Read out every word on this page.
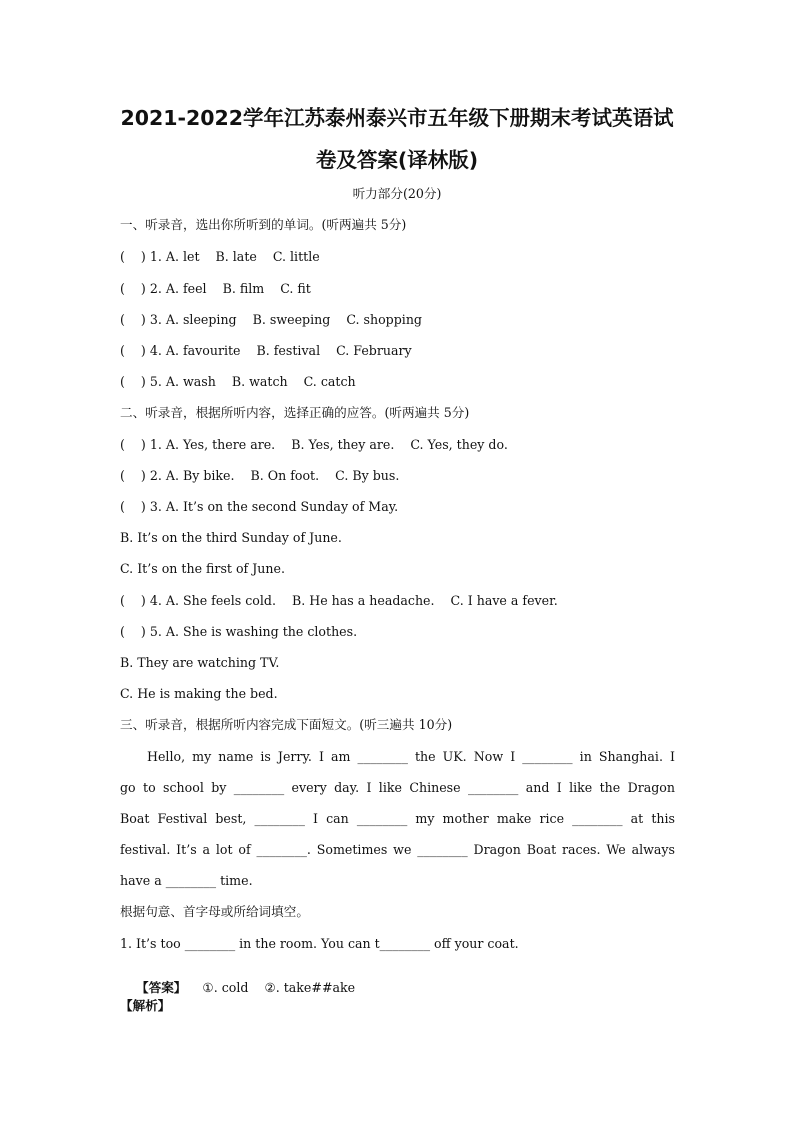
2021-2022学年江苏泰州泰兴市五年级下册期末考试英语试
卷及答案(译林版)
听力部分(20分)
一、听录音，选出你所听到的单词。(听两遍共 5分)
(    ) 1. A. let    B. late    C. little
(    ) 2. A. feel    B. film    C. fit
(    ) 3. A. sleeping    B. sweeping    C. shopping
(    ) 4. A. favourite    B. festival    C. February
(    ) 5. A. wash    B. watch    C. catch
二、听录音，根据所听内容，选择正确的应答。(听两遍共 5分)
(    ) 1. A. Yes, there are.    B. Yes, they are.    C. Yes, they do.
(    ) 2. A. By bike.    B. On foot.    C. By bus.
(    ) 3. A. It’s on the second Sunday of May.
B. It’s on the third Sunday of June.
C. It’s on the first of June.
(    ) 4. A. She feels cold.    B. He has a headache.    C. I have a fever.
(    ) 5. A. She is washing the clothes.
B. They are watching TV.
C. He is making the bed.
三、听录音，根据所听内容完成下面短文。(听三遍共 10分)
Hello, my name is Jerry. I am ________ the UK. Now I ________ in Shanghai. I
go to school by ________ every day. I like Chinese ________ and I like the Dragon
Boat Festival best, ________ I can ________ my mother make rice ________ at this
festival. It’s a lot of ________. Sometimes we ________ Dragon Boat races. We always
have a ________ time.
根据句意、首字母或所给词填空。
1. It’s too ________ in the room. You can t________ off your coat.

【答案】 ①. cold    ②. take##ake

【解析】
